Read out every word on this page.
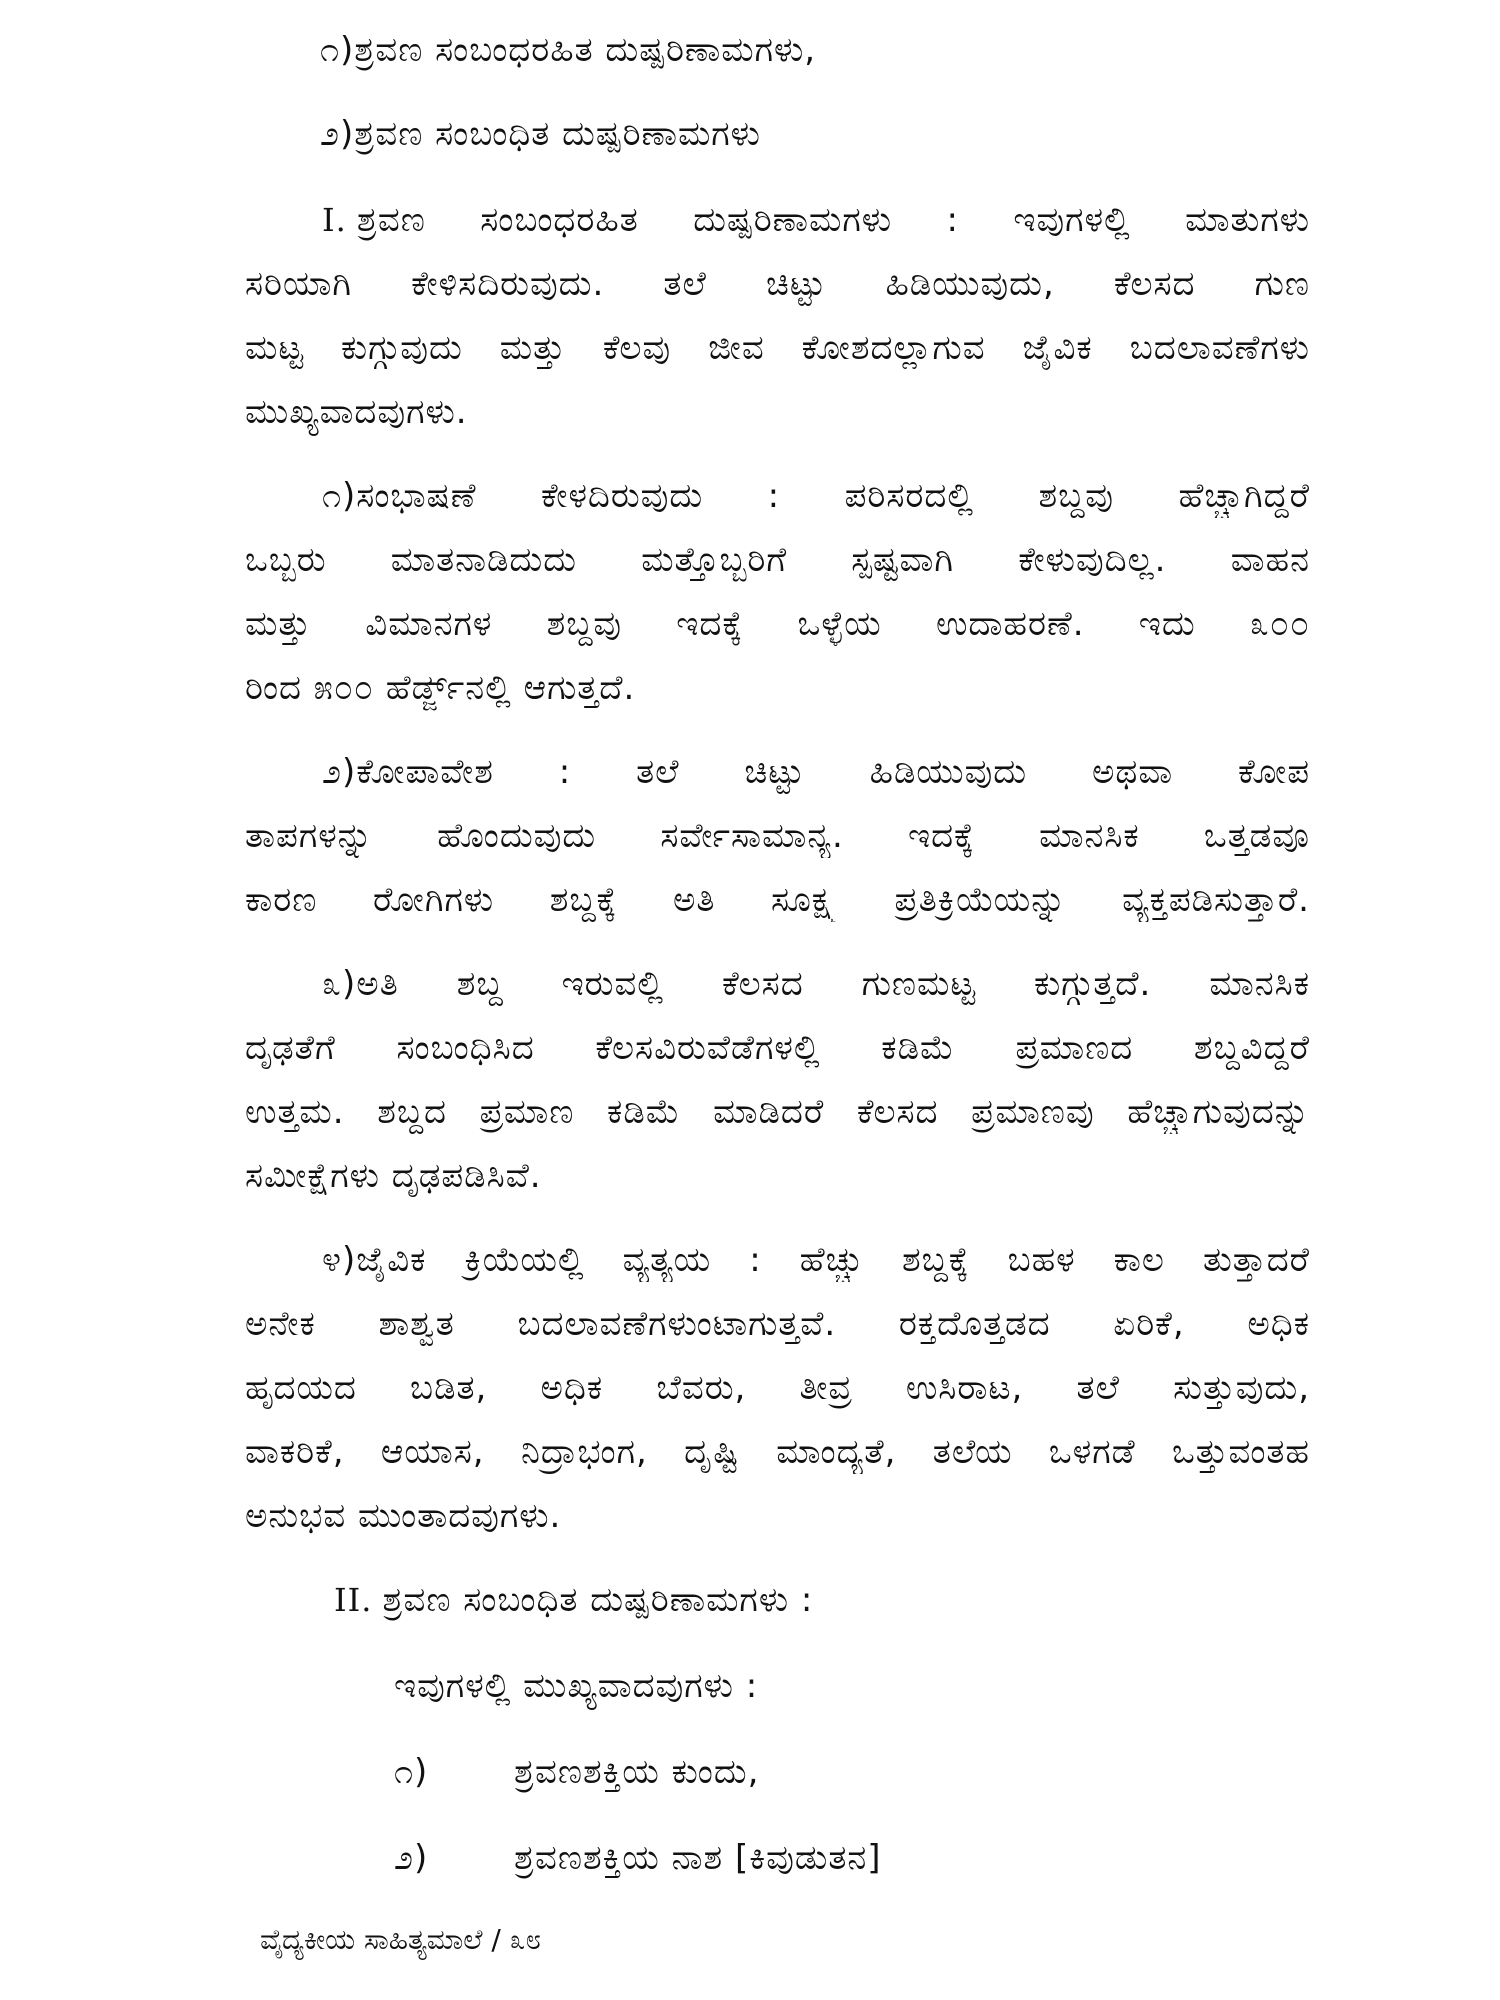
೧)ಶ್ರವಣ ಸಂಬಂಧರಹಿತ ದುಷ್ಪರಿಣಾಮಗಳು,
೨)ಶ್ರವಣ ಸಂಬಂಧಿತ ದುಷ್ಪರಿಣಾಮಗಳು
I. ಶ್ರವಣ ಸಂಬಂಧರಹಿತ ದುಷ್ಪರಿಣಾಮಗಳು : ಇವುಗಳಲ್ಲಿ ಮಾತುಗಳು
ಸರಿಯಾಗಿ ಕೇಳಿಸದಿರುವುದು. ತಲೆ ಚಿಟ್ಟು ಹಿಡಿಯುವುದು, ಕೆಲಸದ ಗುಣ
ಮಟ್ಟ ಕುಗ್ಗುವುದು ಮತ್ತು ಕೆಲವು ಜೀವ ಕೋಶದಲ್ಲಾಗುವ ಜೈವಿಕ ಬದಲಾವಣೆಗಳು
ಮುಖ್ಯವಾದವುಗಳು.
೧)ಸಂಭಾಷಣೆ ಕೇಳದಿರುವುದು : ಪರಿಸರದಲ್ಲಿ ಶಬ್ದವು ಹೆಚ್ಚಾಗಿದ್ದರೆ
ಒಬ್ಬರು ಮಾತನಾಡಿದುದು ಮತ್ತೊಬ್ಬರಿಗೆ ಸ್ಪಷ್ಟವಾಗಿ ಕೇಳುವುದಿಲ್ಲ. ವಾಹನ
ಮತ್ತು ವಿಮಾನಗಳ ಶಬ್ದವು ಇದಕ್ಕೆ ಒಳ್ಳೆಯ ಉದಾಹರಣೆ. ಇದು ೩೦೦
ರಿಂದ ೫೦೦ ಹೆರ್ಡ್ಜ್‌ನಲ್ಲಿ ಆಗುತ್ತದೆ.
೨)ಕೋಪಾವೇಶ : ತಲೆ ಚಿಟ್ಟು ಹಿಡಿಯುವುದು ಅಥವಾ ಕೋಪ
ತಾಪಗಳನ್ನು ಹೊಂದುವುದು ಸರ್ವೇಸಾಮಾನ್ಯ. ಇದಕ್ಕೆ ಮಾನಸಿಕ ಒತ್ತಡವೂ
ಕಾರಣ ರೋಗಿಗಳು ಶಬ್ದಕ್ಕೆ ಅತಿ ಸೂಕ್ಷ್ಮ ಪ್ರತಿಕ್ರಿಯೆಯನ್ನು ವ್ಯಕ್ತಪಡಿಸುತ್ತಾರೆ.
೩)ಅತಿ ಶಬ್ದ ಇರುವಲ್ಲಿ ಕೆಲಸದ ಗುಣಮಟ್ಟ ಕುಗ್ಗುತ್ತದೆ. ಮಾನಸಿಕ
ದೃಢತೆಗೆ ಸಂಬಂಧಿಸಿದ ಕೆಲಸವಿರುವೆಡೆಗಳಲ್ಲಿ ಕಡಿಮೆ ಪ್ರಮಾಣದ ಶಬ್ದವಿದ್ದರೆ
ಉತ್ತಮ. ಶಬ್ದದ ಪ್ರಮಾಣ ಕಡಿಮೆ ಮಾಡಿದರೆ ಕೆಲಸದ ಪ್ರಮಾಣವು ಹೆಚ್ಚಾಗುವುದನ್ನು
ಸಮೀಕ್ಷೆಗಳು ದೃಢಪಡಿಸಿವೆ.
೪)ಜೈವಿಕ ಕ್ರಿಯೆಯಲ್ಲಿ ವ್ಯತ್ಯಯ : ಹೆಚ್ಚು ಶಬ್ದಕ್ಕೆ ಬಹಳ ಕಾಲ ತುತ್ತಾದರೆ
ಅನೇಕ ಶಾಶ್ವತ ಬದಲಾವಣೆಗಳುಂಟಾಗುತ್ತವೆ. ರಕ್ತದೊತ್ತಡದ ಏರಿಕೆ, ಅಧಿಕ
ಹೃದಯದ ಬಡಿತ, ಅಧಿಕ ಬೆವರು, ತೀವ್ರ ಉಸಿರಾಟ, ತಲೆ ಸುತ್ತುವುದು,
ವಾಕರಿಕೆ, ಆಯಾಸ, ನಿದ್ರಾಭಂಗ, ದೃಷ್ಟಿ ಮಾಂದ್ಯತೆ, ತಲೆಯ ಒಳಗಡೆ ಒತ್ತುವಂತಹ
ಅನುಭವ ಮುಂತಾದವುಗಳು.
II. ಶ್ರವಣ ಸಂಬಂಧಿತ ದುಷ್ಪರಿಣಾಮಗಳು :
ಇವುಗಳಲ್ಲಿ ಮುಖ್ಯವಾದವುಗಳು :
೧)	ಶ್ರವಣಶಕ್ತಿಯ ಕುಂದು,
೨)	ಶ್ರವಣಶಕ್ತಿಯ ನಾಶ [ಕಿವುಡುತನ]
ವೈದ್ಯಕೀಯ ಸಾಹಿತ್ಯಮಾಲೆ / ೩೮
